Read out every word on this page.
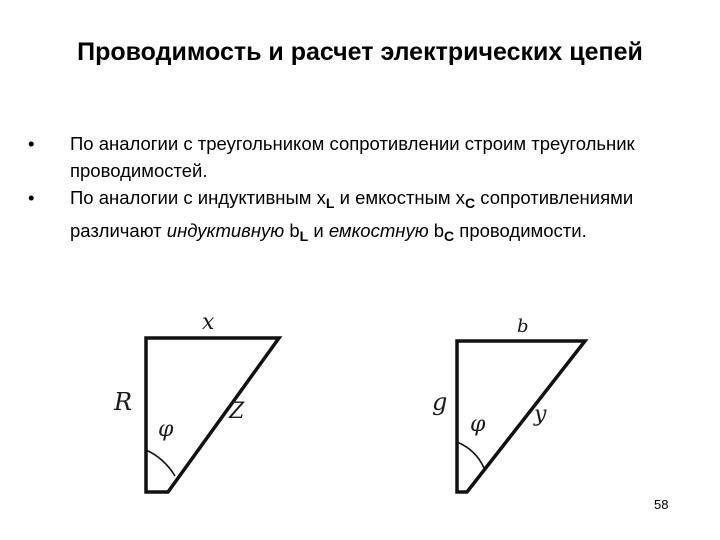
Проводимость и расчет электрических цепей
• По аналогии с треугольником сопротивлении строим треугольник проводимостей.
• По аналогии с индуктивным $x_L$ и емкостным $x_C$ сопротивлениями различают индуктивную $b_L$ и емкостную $b_C$ проводимости.
x
R	Z
φ
b
g	y
φ
58
